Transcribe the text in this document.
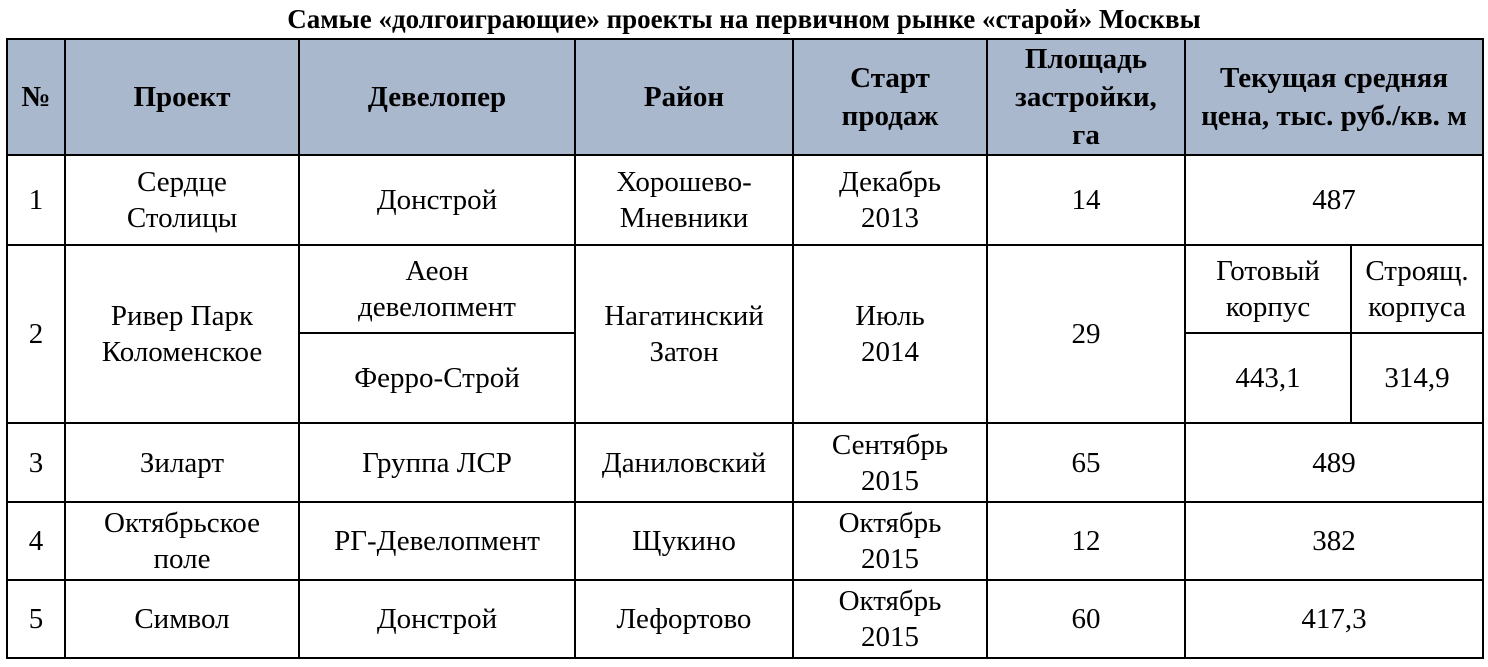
Самые «долгоиграющие» проекты на первичном рынке «старой» Москвы
№	Проект	Девелопер	Район	Старт продаж	Площадь застройки, га	Текущая средняя цена, тыс. руб./кв. м	
1	Сердце Столицы	Донстрой	Хорошево-Мневники	Декабрь 2013	14	487	
2	Ривер Парк Коломенское	Аеон девелопмент	Нагатинский Затон	Июль 2014	29	Готовый корпус	Строящ. корпуса
		Ферро-Строй				443,1	314,9
3	Зиларт	Группа ЛСР	Даниловский	Сентябрь 2015	65	489	
4	Октябрьское поле	РГ-Девелопмент	Щукино	Октябрь 2015	12	382	
5	Символ	Донстрой	Лефортово	Октябрь 2015	60	417,3	
